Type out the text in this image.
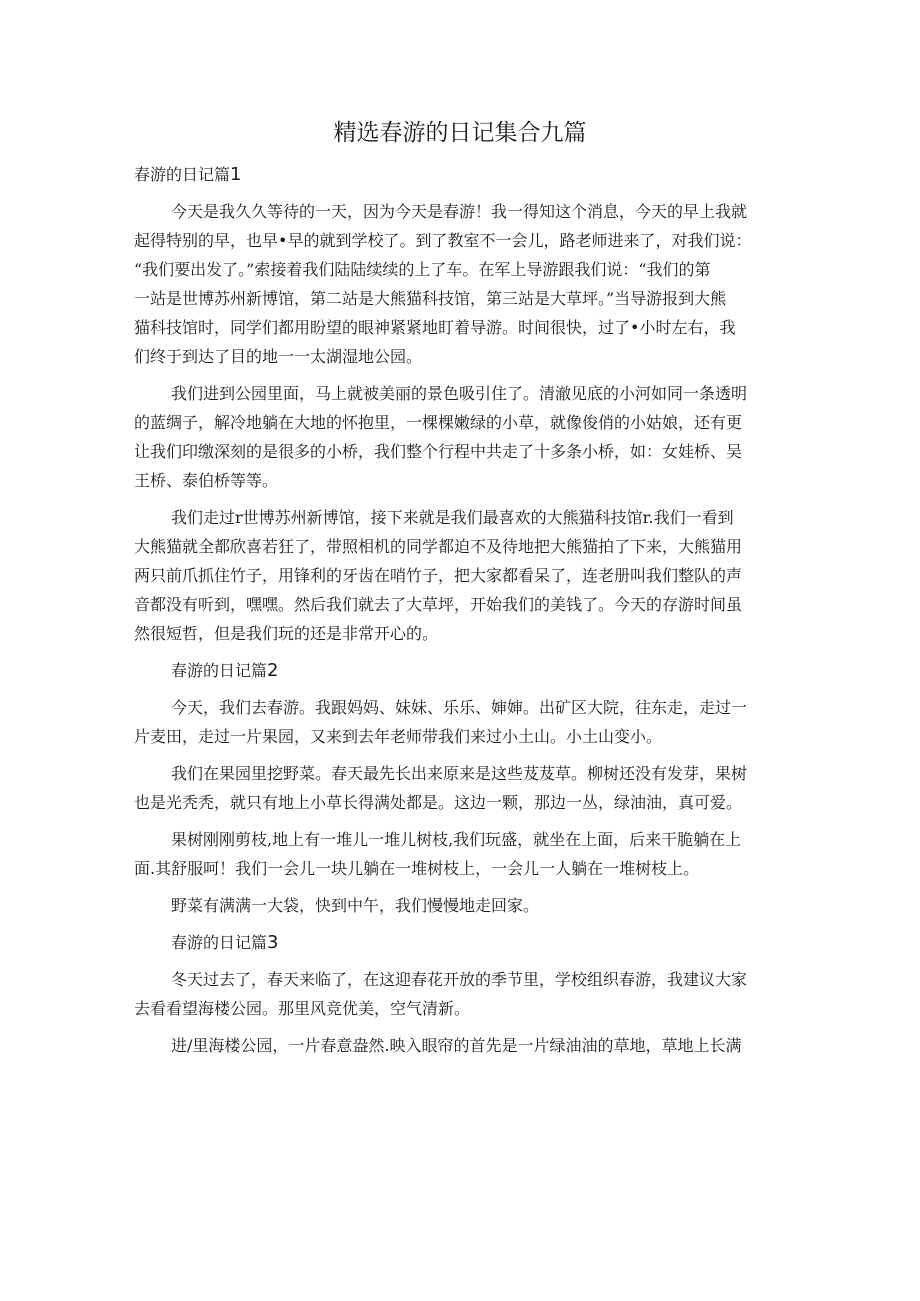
精选春游的日记集合九篇
春游的日记篇1
今天是我久久等待的一天，因为今天是春游！我一得知这个消息，今天的早上我就
起得特别的早，也早•早的就到学校了。到了教室不一会儿，路老师进来了，对我们说：
“我们要出发了。”索接着我们陆陆续续的上了车。在军上导游跟我们说：“我们的第
一站是世博苏州新博馆，第二站是大熊猫科技馆，第三站是大草坪。”当导游报到大熊
猫科技馆时，同学们都用盼望的眼神紧紧地盯着导游。时间很快，过了•小时左右，我
们终于到达了目的地一一太湖湿地公园。
我们进到公园里面，马上就被美丽的景色吸引住了。清澈见底的小河如同一条透明
的蓝绸子，解冷地躺在大地的怀抱里，一棵棵嫩绿的小草，就像俊俏的小姑娘，还有更
让我们印缴深刻的是很多的小桥，我们整个行程中共走了十多条小桥，如：女娃桥、吴
王桥、泰伯桥等等。
我们走过r世博苏州新博馆，接下来就是我们最喜欢的大熊猫科技馆r.我们一看到
大熊猫就全都欣喜若狂了，带照相机的同学都迫不及待地把大熊猫拍了下来，大熊猫用
两只前爪抓住竹子，用锋利的牙齿在哨竹子，把大家都看呆了，连老册叫我们整队的声
音都没有听到，嘿嘿。然后我们就去了大草坪，开始我们的美钱了。今天的存游时间虽
然很短哲，但是我们玩的还是非常开心的。
春游的日记篇2
今天，我们去春游。我跟妈妈、妹妹、乐乐、婶婶。出矿区大院，往东走，走过一
片麦田，走过一片果园，又来到去年老师带我们来过小土山。小土山变小。
我们在果园里挖野菜。春天最先长出来原来是这些芨芨草。柳树还没有发芽，果树
也是光秃秃，就只有地上小草长得满处都是。这边一颗，那边一丛，绿油油，真可爱。
果树刚刚剪枝,地上有一堆儿一堆儿树枝,我们玩盛，就坐在上面，后来干脆躺在上
面.其舒服呵！我们一会儿一块儿躺在一堆树枝上，一会儿一人躺在一堆树枝上。
野菜有满满一大袋，快到中午，我们慢慢地走回家。
春游的日记篇3
冬天过去了，春天来临了，在这迎春花开放的季节里，学校组织春游，我建议大家
去看看望海楼公园。那里风竞优美，空气清新。
进/里海楼公园，一片春意盎然.映入眼帘的首先是一片绿油油的草地，草地上长满
